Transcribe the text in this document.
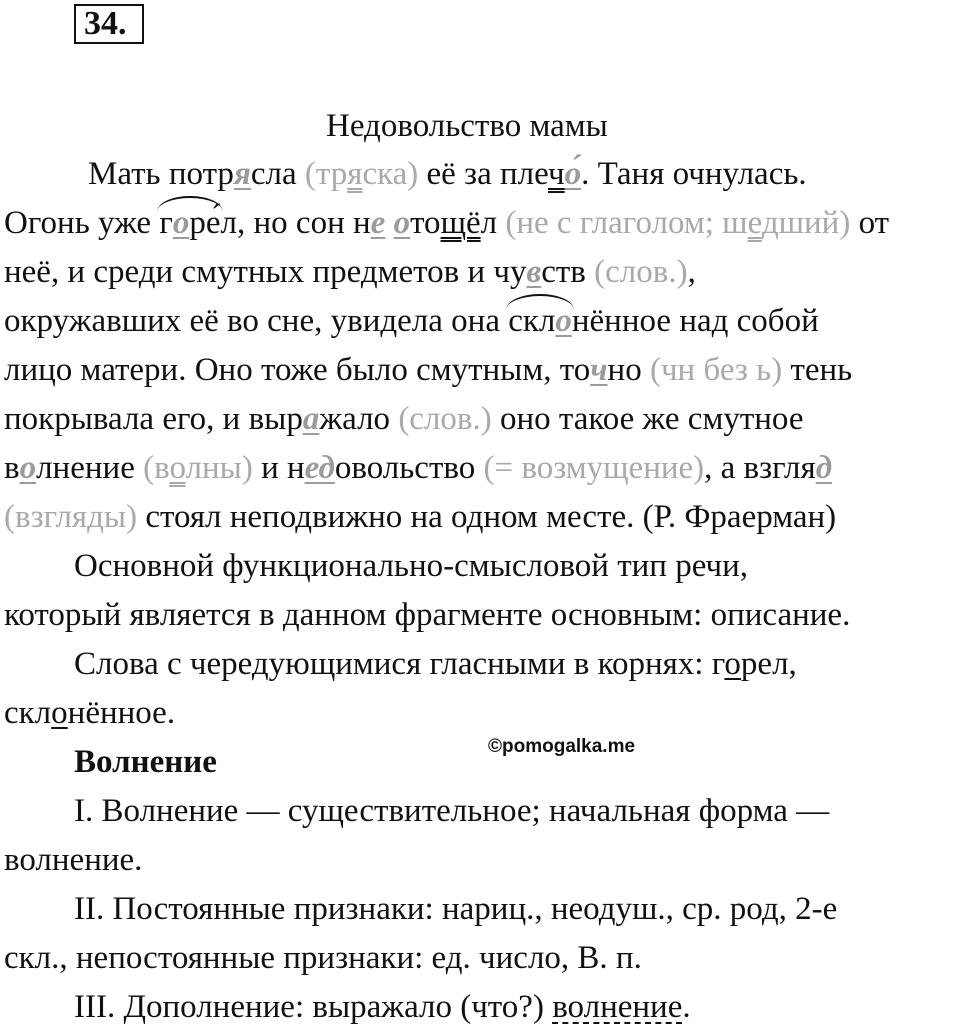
34.
Недовольство мамы
Мать потрясла (тряска) её за плечо́. Таня очнулась.
Огонь уже горе́л, но сон не отощёл (не с глаголом; шедший) от
неё, и среди смутных предметов и чувств (слов.),
окружавших её во сне, увидела она склонённое над собой
лицо матери. Оно тоже было смутным, точно (чн без ь) тень
покрывала его, и выражало (слов.) оно такое же смутное
волнение (волны) и недовольство (= возмущение), а взгляд
(взгляды) стоял неподвижно на одном месте. (Р. Фраерман)
Основной функционально-смысловой тип речи,
который является в данном фрагменте основным: описание.
Слова с чередующимися гласными в корнях: горел,
склонённое.
Волнение	©pomogalka.me
I. Волнение — существительное; начальная форма —
волнение.
II. Постоянные признаки: нариц., неодуш., ср. род, 2-е
скл., непостоянные признаки: ед. число, В. п.
III. Дополнение: выражало (что?) волнение.
